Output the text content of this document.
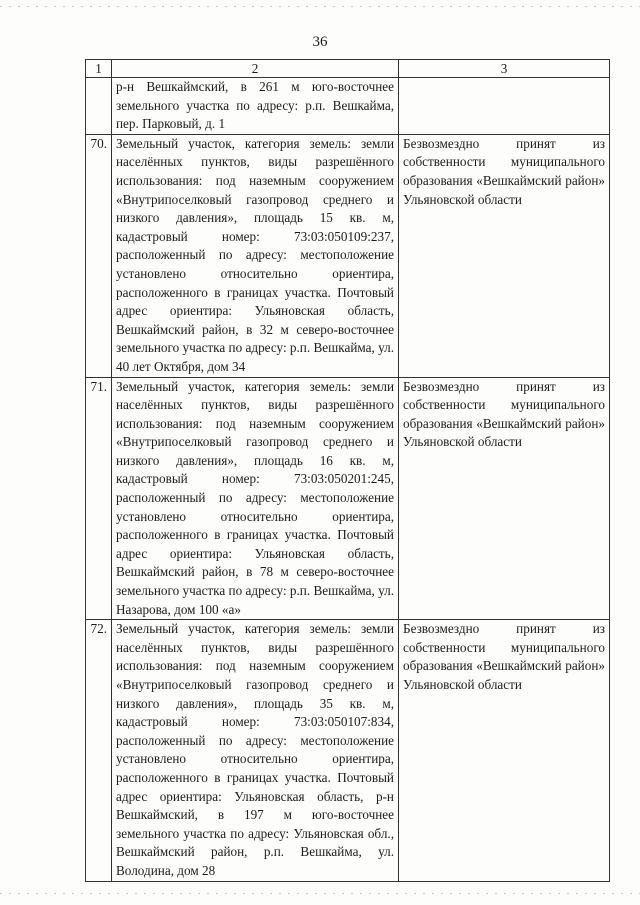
36
1	2	3
	р-н Вешкаймский, в 261 м юго-восточнее земельного участка по адресу: р.п. Вешкайма, пер. Парковый, д. 1	
70.	Земельный участок, категория земель: земли населённых пунктов, виды разрешённого использования: под наземным сооружением «Внутрипоселковый газопровод среднего и низкого давления», площадь 15 кв. м, кадастровый номер: 73:03:050109:237, расположенный по адресу: местоположение установлено относительно ориентира, расположенного в границах участка. Почтовый адрес ориентира: Ульяновская область, Вешкаймский район, в 32 м северо-восточнее земельного участка по адресу: р.п. Вешкайма, ул. 40 лет Октября, дом 34	Безвозмездно принят из собственности муниципального образования «Вешкаймский район» Ульяновской области
71.	Земельный участок, категория земель: земли населённых пунктов, виды разрешённого использования: под наземным сооружением «Внутрипоселковый газопровод среднего и низкого давления», площадь 16 кв. м, кадастровый номер: 73:03:050201:245, расположенный по адресу: местоположение установлено относительно ориентира, расположенного в границах участка. Почтовый адрес ориентира: Ульяновская область, Вешкаймский район, в 78 м северо-восточнее земельного участка по адресу: р.п. Вешкайма, ул. Назарова, дом 100 «а»	Безвозмездно принят из собственности муниципального образования «Вешкаймский район» Ульяновской области
72.	Земельный участок, категория земель: земли населённых пунктов, виды разрешённого использования: под наземным сооружением «Внутрипоселковый газопровод среднего и низкого давления», площадь 35 кв. м, кадастровый номер: 73:03:050107:834, расположенный по адресу: местоположение установлено относительно ориентира, расположенного в границах участка. Почтовый адрес ориентира: Ульяновская область, р-н Вешкаймский, в 197 м юго-восточнее земельного участка по адресу: Ульяновская обл., Вешкаймский район, р.п. Вешкайма, ул. Володина, дом 28	Безвозмездно принят из собственности муниципального образования «Вешкаймский район» Ульяновской области
